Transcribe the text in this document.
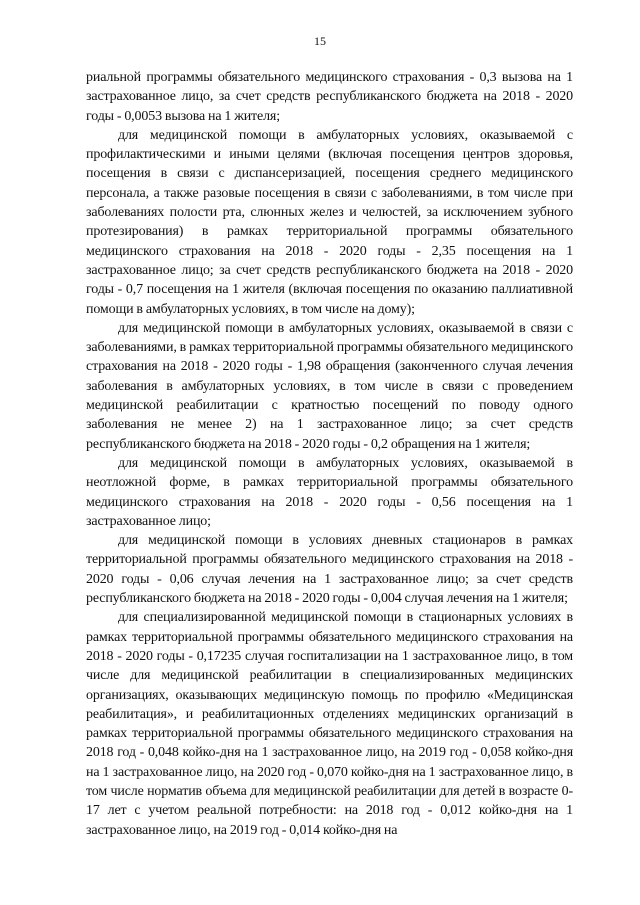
15

риальной программы обязательного медицинского страхования - 0,3 вызова на 1 застрахованное лицо, за счет средств республиканского бюджета на 2018 - 2020 годы - 0,0053 вызова на 1 жителя;

для медицинской помощи в амбулаторных условиях, оказываемой с профилактическими и иными целями (включая посещения центров здоровья, посещения в связи с диспансеризацией, посещения среднего медицинского персонала, а также разовые посещения в связи с заболеваниями, в том числе при заболеваниях полости рта, слюнных желез и челюстей, за исключением зубного протезирования) в рамках территориальной программы обязательного медицинского страхования на 2018 - 2020 годы - 2,35 посещения на 1 застрахованное лицо; за счет средств республиканского бюджета на 2018 - 2020 годы - 0,7 посещения на 1 жителя (включая посещения по оказанию паллиативной помощи в амбулаторных условиях, в том числе на дому);

для медицинской помощи в амбулаторных условиях, оказываемой в связи с заболеваниями, в рамках территориальной программы обязательного медицинского страхования на 2018 - 2020 годы - 1,98 обращения (законченного случая лечения заболевания в амбулаторных условиях, в том числе в связи с проведением медицинской реабилитации с кратностью посещений по поводу одного заболевания не менее 2) на 1 застрахованное лицо; за счет средств республиканского бюджета на 2018 - 2020 годы - 0,2 обращения на 1 жителя;

для медицинской помощи в амбулаторных условиях, оказываемой в неотложной форме, в рамках территориальной программы обязательного медицинского страхования на 2018 - 2020 годы - 0,56 посещения на 1 застрахованное лицо;

для медицинской помощи в условиях дневных стационаров в рамках территориальной программы обязательного медицинского страхования на 2018 - 2020 годы - 0,06 случая лечения на 1 застрахованное лицо; за счет средств республиканского бюджета на 2018 - 2020 годы - 0,004 случая лечения на 1 жителя;

для специализированной медицинской помощи в стационарных условиях в рамках территориальной программы обязательного медицинского страхования на 2018 - 2020 годы - 0,17235 случая госпитализации на 1 застрахованное лицо, в том числе для медицинской реабилитации в специализированных медицинских организациях, оказывающих медицинскую помощь по профилю «Медицинская реабилитация», и реабилитационных отделениях медицинских организаций в рамках территориальной программы обязательного медицинского страхования на 2018 год - 0,048 койко-дня на 1 застрахованное лицо, на 2019 год - 0,058 койко-дня на 1 застрахованное лицо, на 2020 год - 0,070 койко-дня на 1 застрахованное лицо, в том числе норматив объема для медицинской реабилитации для детей в возрасте 0-17 лет с учетом реальной потребности: на 2018 год - 0,012 койко-дня на 1 застрахованное лицо, на 2019 год - 0,014 койко-дня на
